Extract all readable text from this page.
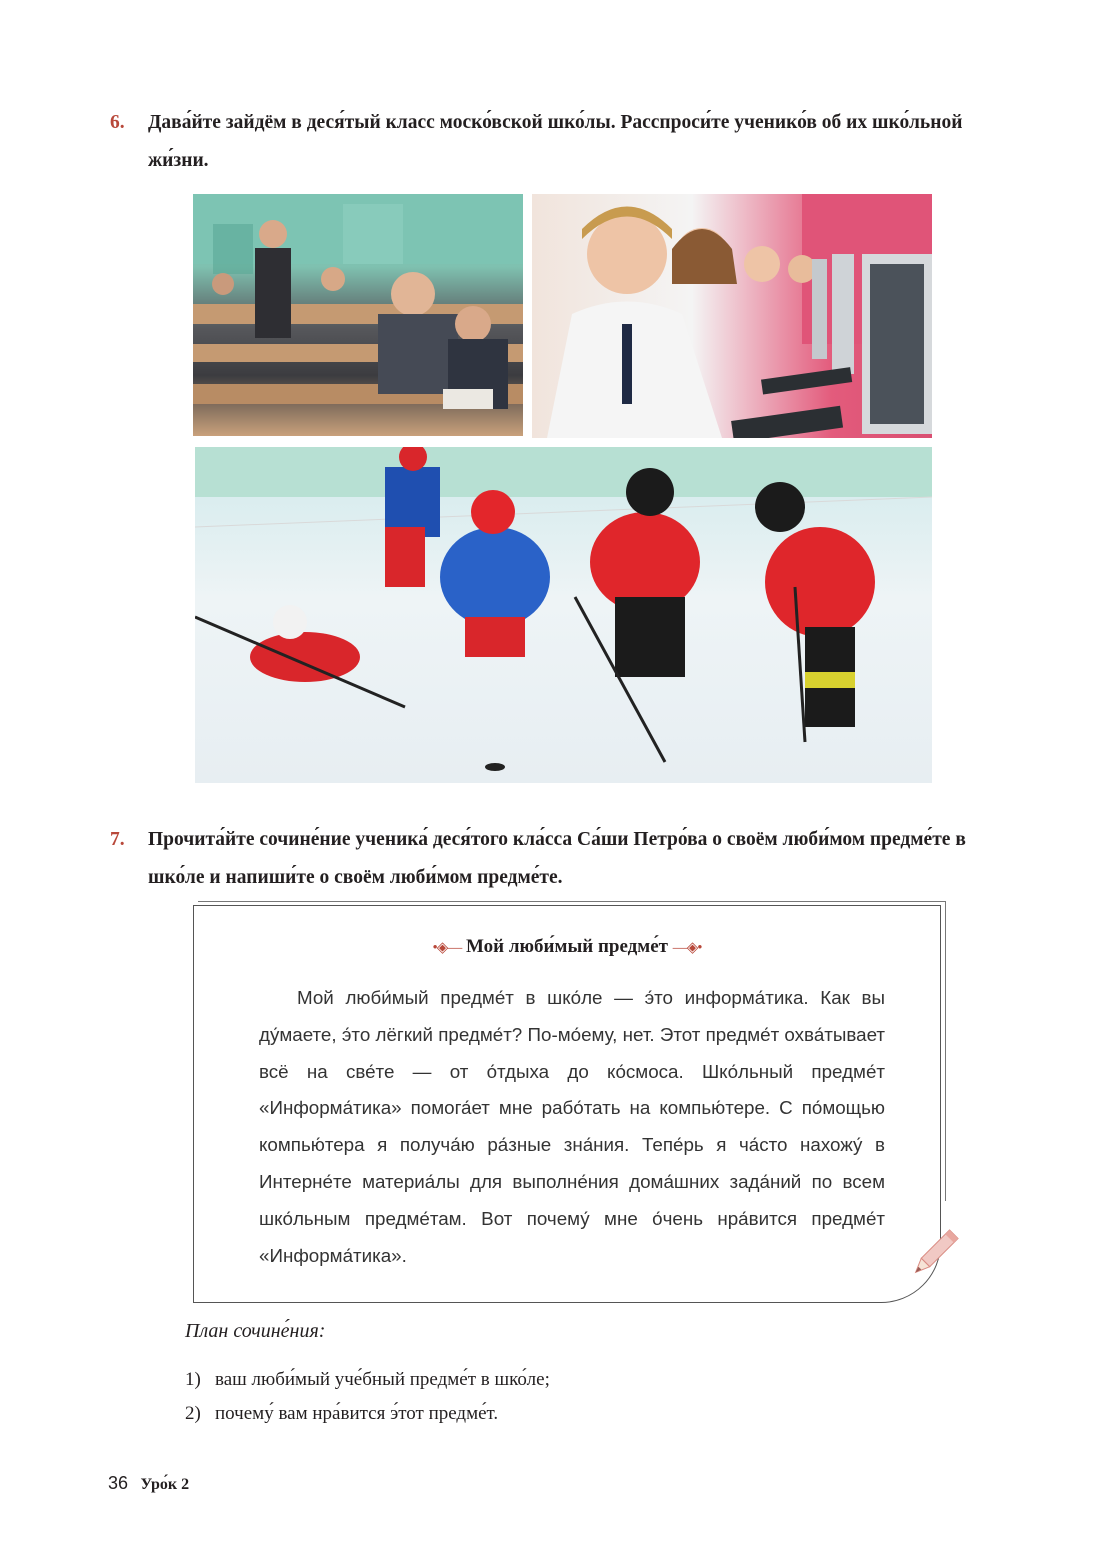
6. Дава́йте зайдём в деся́тый класс моско́вской шко́лы. Расспроси́те ученико́в об их шко́льной жи́зни.
7. Прочита́йте сочине́ние ученика́ деся́того кла́сса Са́ши Петро́ва о своём люби́мом предме́те в шко́ле и напиши́те о своём люби́мом предме́те.
•◈— Мой люби́мый предме́т —◈•
Мой люби́мый предме́т в шко́ле — э́то информа́тика. Как вы ду́маете, э́то лёгкий предме́т? По-мо́ему, нет. Этот предме́т охва́тывает всё на све́те — от о́тдыха до ко́смоса. Шко́льный предме́т «Информа́тика» помога́ет мне рабо́тать на компью́тере. С по́мощью компью́тера я получа́ю ра́зные зна́ния. Тепе́рь я ча́сто нахожу́ в Интерне́те материа́лы для выполне́ния дома́шних зада́ний по всем шко́льным предме́там. Вот почему́ мне о́чень нра́вится предме́т «Информа́тика».
План сочине́ния:
1) ваш люби́мый уче́бный предме́т в шко́ле;
2) почему́ вам нра́вится э́тот предме́т.
36 Уро́к 2
